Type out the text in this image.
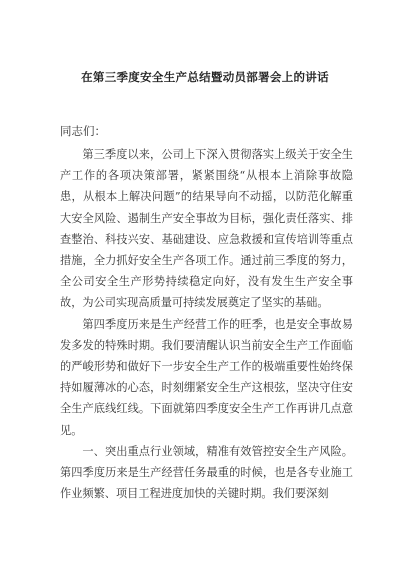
在第三季度安全生产总结暨动员部署会上的讲话

同志们：

第三季度以来，公司上下深入贯彻落实上级关于安全生产工作的各项决策部署，紧紧围绕“从根本上消除事故隐患，从根本上解决问题”的结果导向不动摇，以防范化解重大安全风险、遏制生产安全事故为目标，强化责任落实、排查整治、科技兴安、基础建设、应急救援和宣传培训等重点措施，全力抓好安全生产各项工作。通过前三季度的努力，全公司安全生产形势持续稳定向好，没有发生生产安全事故，为公司实现高质量可持续发展奠定了坚实的基础。

第四季度历来是生产经营工作的旺季，也是安全事故易发多发的特殊时期。我们要清醒认识当前安全生产工作面临的严峻形势和做好下一步安全生产工作的极端重要性始终保持如履薄冰的心态，时刻绷紧安全生产这根弦，坚决守住安全生产底线红线。下面就第四季度安全生产工作再讲几点意见。

一、突出重点行业领域，精准有效管控安全生产风险。第四季度历来是生产经营任务最重的时候，也是各专业施工作业频繁、项目工程进度加快的关键时期。我们要深刻
